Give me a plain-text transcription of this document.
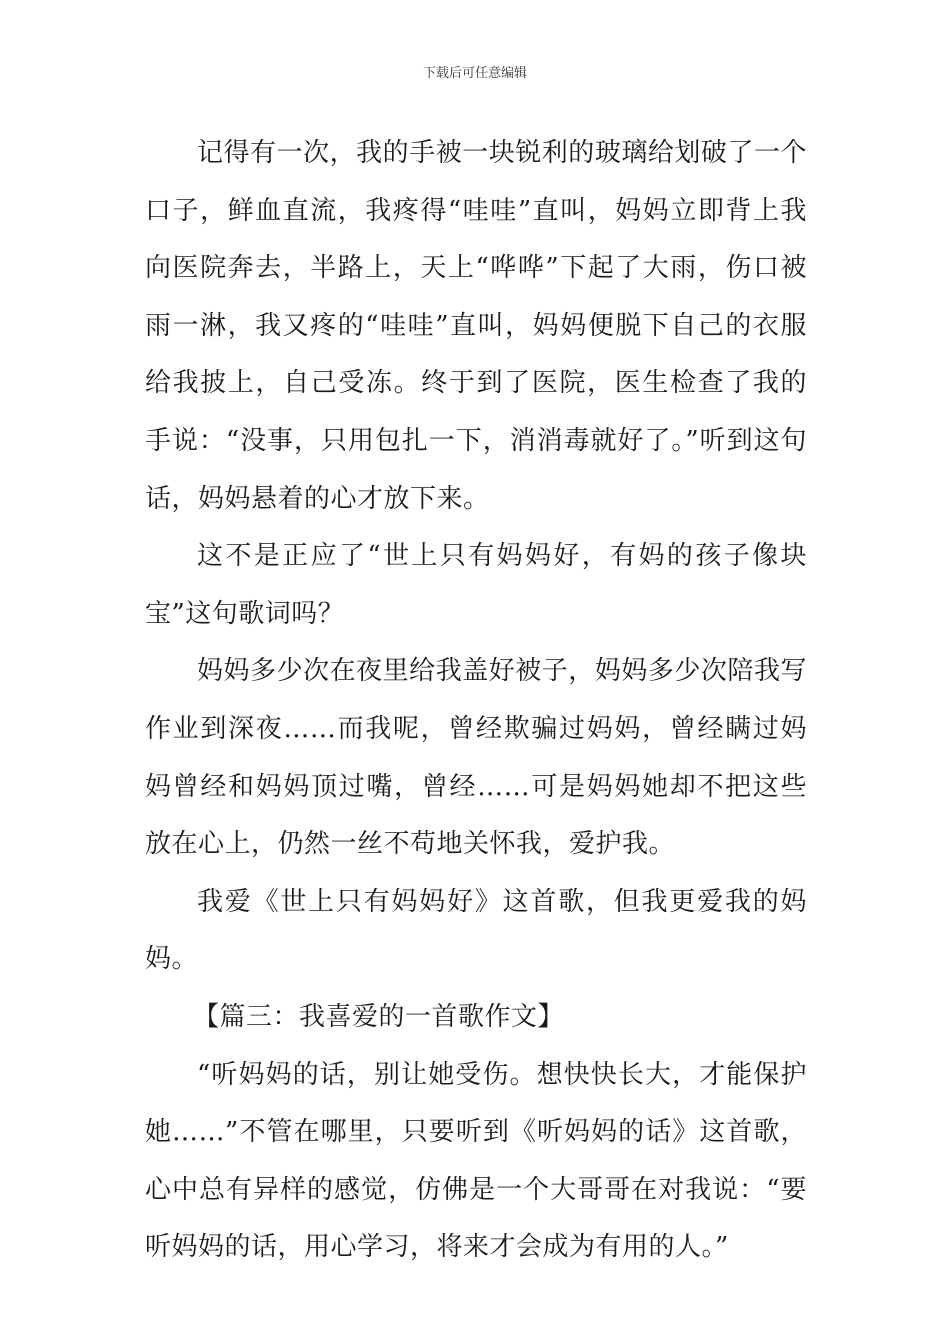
下载后可任意编辑

记得有一次，我的手被一块锐利的玻璃给划破了一个口子，鲜血直流，我疼得“哇哇”直叫，妈妈立即背上我向医院奔去，半路上，天上“哗哗”下起了大雨，伤口被雨一淋，我又疼的“哇哇”直叫，妈妈便脱下自己的衣服给我披上，自己受冻。终于到了医院，医生检查了我的手说：“没事，只用包扎一下，消消毒就好了。”听到这句话，妈妈悬着的心才放下来。

这不是正应了“世上只有妈妈好，有妈的孩子像块宝”这句歌词吗？

妈妈多少次在夜里给我盖好被子，妈妈多少次陪我写作业到深夜……而我呢，曾经欺骗过妈妈，曾经瞒过妈妈曾经和妈妈顶过嘴，曾经……可是妈妈她却不把这些放在心上，仍然一丝不苟地关怀我，爱护我。

我爱《世上只有妈妈好》这首歌，但我更爱我的妈妈。

【篇三：我喜爱的一首歌作文】

“听妈妈的话，别让她受伤。想快快长大，才能保护她……”不管在哪里，只要听到《听妈妈的话》这首歌，心中总有异样的感觉，仿佛是一个大哥哥在对我说：“要听妈妈的话，用心学习，将来才会成为有用的人。”
